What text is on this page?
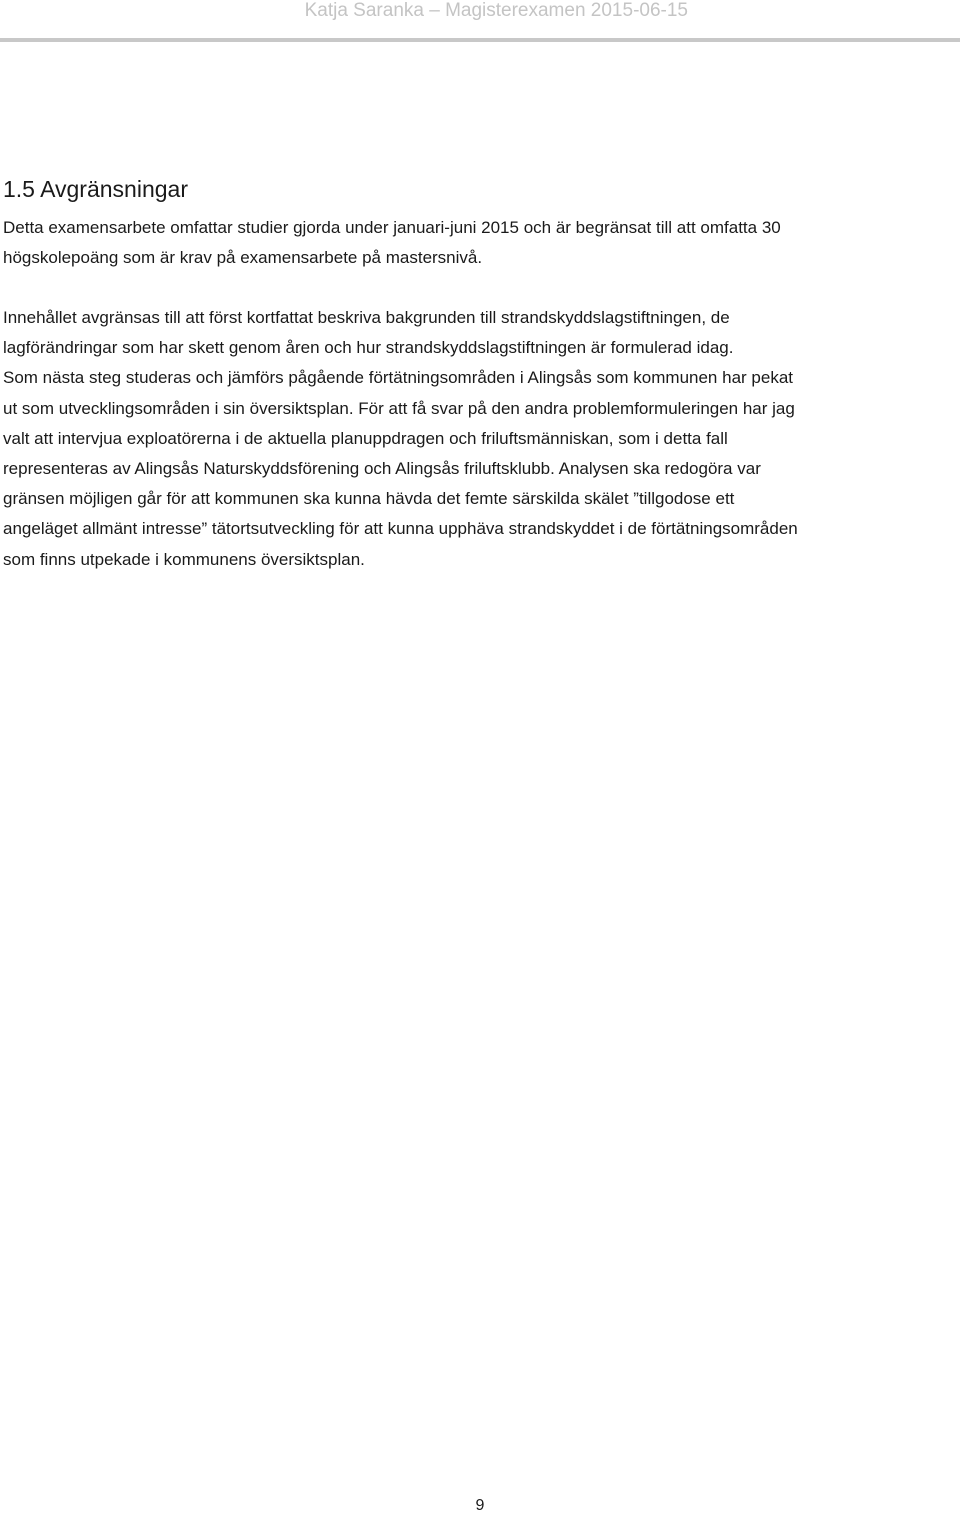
Katja Saranka – Magisterexamen 2015-06-15
1.5 Avgränsningar

Detta examensarbete omfattar studier gjorda under januari-juni 2015 och är begränsat till att omfatta 30
högskolepoäng som är krav på examensarbete på mastersnivå.

Innehållet avgränsas till att först kortfattat beskriva bakgrunden till strandskyddslagstiftningen, de
lagförändringar som har skett genom åren och hur strandskyddslagstiftningen är formulerad idag.
Som nästa steg studeras och jämförs pågående förtätningsområden i Alingsås som kommunen har pekat
ut som utvecklingsområden i sin översiktsplan. För att få svar på den andra problemformuleringen har jag
valt att intervjua exploatörerna i de aktuella planuppdragen och friluftsmänniskan, som i detta fall
representeras av Alingsås Naturskyddsförening och Alingsås friluftsklubb. Analysen ska redogöra var
gränsen möjligen går för att kommunen ska kunna hävda det femte särskilda skälet ”tillgodose ett
angeläget allmänt intresse” tätortsutveckling för att kunna upphäva strandskyddet i de förtätningsområden
som finns utpekade i kommunens översiktsplan.

9
